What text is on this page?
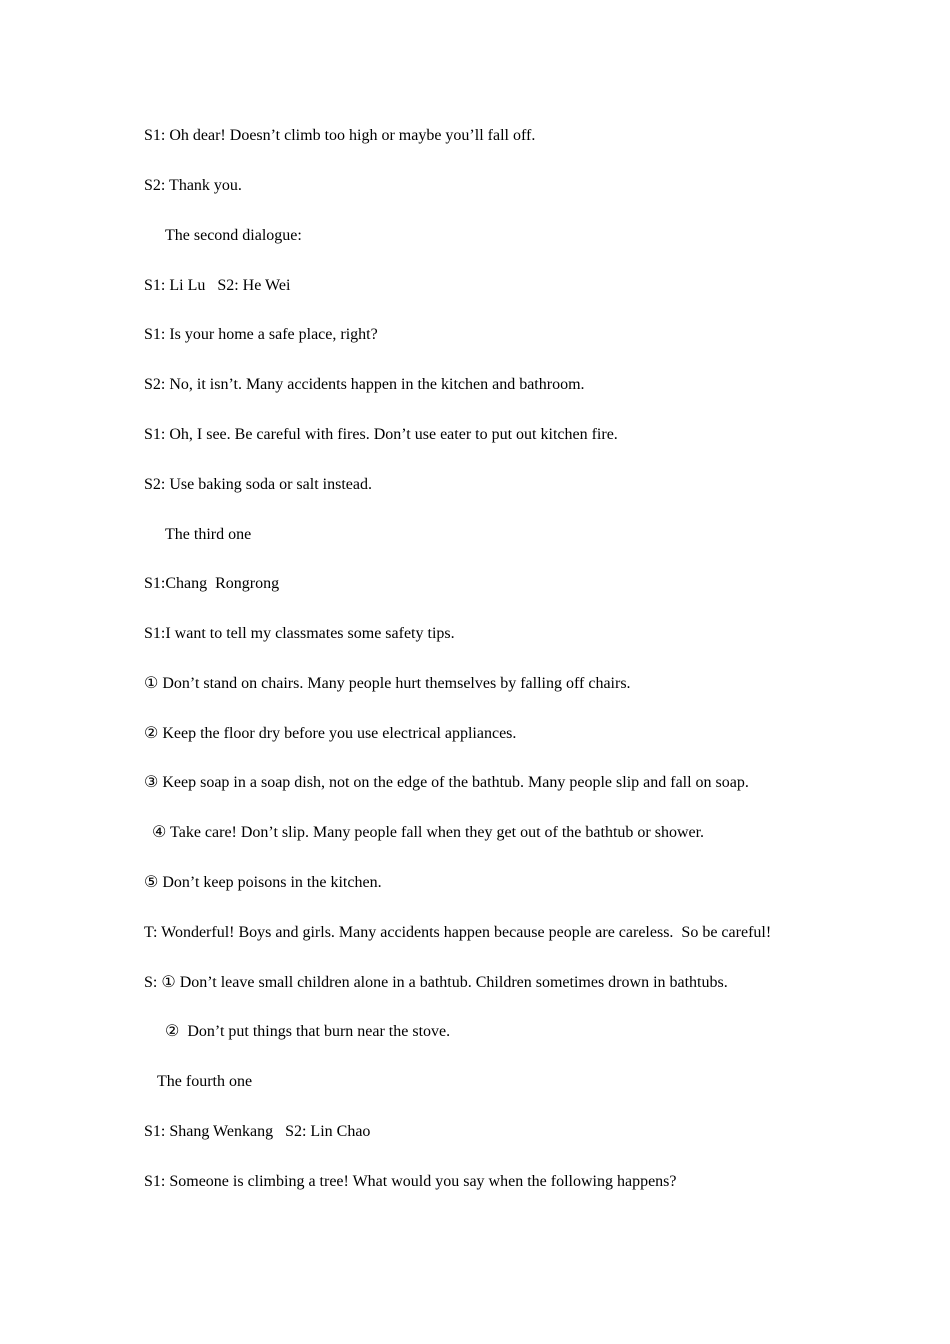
S1: Oh dear! Doesn’t climb too high or maybe you’ll fall off.
S2: Thank you.
The second dialogue:
S1: Li Lu   S2: He Wei
S1: Is your home a safe place, right?
S2: No, it isn’t. Many accidents happen in the kitchen and bathroom.
S1: Oh, I see. Be careful with fires. Don’t use eater to put out kitchen fire.
S2: Use baking soda or salt instead.
The third one
S1:Chang  Rongrong
S1:I want to tell my classmates some safety tips.
① Don’t stand on chairs. Many people hurt themselves by falling off chairs.
② Keep the floor dry before you use electrical appliances.
③ Keep soap in a soap dish, not on the edge of the bathtub. Many people slip and fall on soap.
④ Take care! Don’t slip. Many people fall when they get out of the bathtub or shower.
⑤ Don’t keep poisons in the kitchen.
T: Wonderful! Boys and girls. Many accidents happen because people are careless.  So be careful!
S: ① Don’t leave small children alone in a bathtub. Children sometimes drown in bathtubs.
②  Don’t put things that burn near the stove.
The fourth one
S1: Shang Wenkang   S2: Lin Chao
S1: Someone is climbing a tree! What would you say when the following happens?
